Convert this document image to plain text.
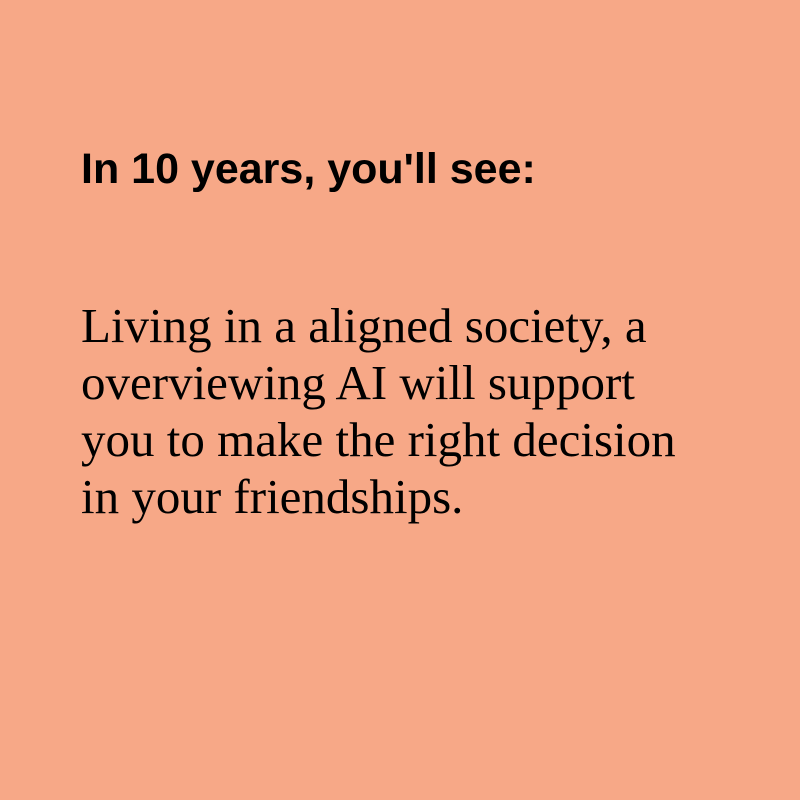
In 10 years, you'll see:

Living in a aligned society, a overviewing AI will support you to make the right decision in your friendships.
